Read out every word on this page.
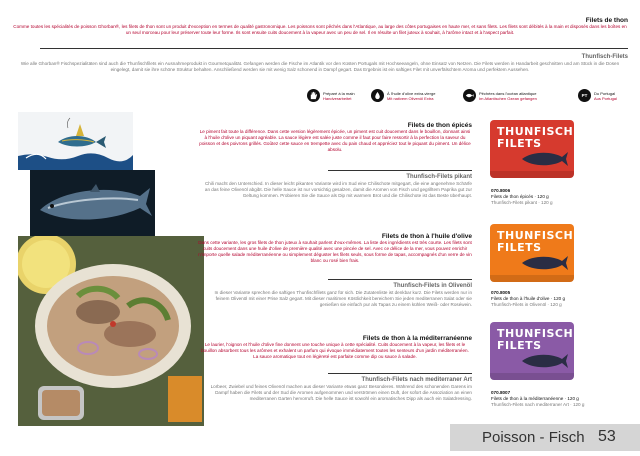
Filets de thon
Comme toutes les spécialités de poisson Ghorban®, les filets de thon sont un produit d'exception en termes de qualité gastronomique. Les poissons sont pêchés dans l'Atlantique, au large des côtes portugaises en haute mer, et sans filets. Les filets sont débités à la main et disposés dans les boîtes en un seul morceau pour leur préserver toute leur forme. Ils sont ensuite cuits doucement à la vapeur avec un peu de sel. Il en résulte un filet juteux à souhait, à l'arôme intact et à l'aspect parfait.
Thunfisch-Filets
Wie alle Ghorban® Fischspezialitäten sind auch die Thunfischfilets ein Ausnahmeprodukt in Gourmetqualität. Gefangen werden die Fische im Atlantik vor den Küsten Portugals mit Hochseeangeln, ohne Einsatz von Netzen. Die Filets werden in Handarbeit geschnitten und am Stück in die Dosen eingelegt, damit sie ihre schöne Struktur behalten. Anschließend werden sie mit wenig Salz schonend in Dampf gegart. Das Ergebnis ist ein saftiges Filet mit unverfälschtem Aroma und perfektem Aussehen.
Préparé à la main
Handverarbeitet
À l'huile d'olive extra-vierge
Mit nativem Olivenöl Extra
Pêchées dans l'océan atlantique
Im Atlantischen Ozean gefangen	PT	Du Portugal
Aus Portugal
Filets de thon épicés
Le piment fait toute la différence. Dans cette version légèrement épicée, un piment est cuit doucement dans le bouillon, donnant ainsi à l'huile d'olive un piquant agréable. La sauce légère est salée juste comme il faut pour faire ressortir à la perfection la saveur du poisson et des poivrons grillés. Goûtez cette sauce en trempette avec du pain chaud et appréciez tout le piquant du piment. Un délice absolu.
Thunfisch-Filets pikant
Chili macht den Unterschied. In dieser leicht pikanten Variante wird im Sud eine Chilischote mitgegart, die eine angenehme Schärfe an das feine Olivenöl abgibt. Die helle Sauce ist nur vorsichtig gesalzen, damit die Aromen von Fisch und gegrilltem Paprika gut zur Geltung kommen. Probieren Sie die Sauce als Dip mit warmem Brot und die Chilischote ist das Beste überhaupt.
THUNFISCH
FILETS
070.8006
Filets de thon épicés · 120 g
Thunfisch-Filets pikant · 120 g
Filets de thon à l'huile d'olive
Dans cette variante, les gros filets de thon juteux à souhait parlent d'eux-mêmes. La liste des ingrédients est très courte. Les filets sont cuits doucement dans une huile d'olive de première qualité avec une pincée de sel. Avec ce délice de la mer, vous pouvez enrichir n'importe quelle salade méditerranéenne ou simplement déguster les filets seuls, sous forme de tapas, accompagnés d'un verre de vin blanc ou rosé bien frais.
Thunfisch-Filets in Olivenöl
In dieser Variante sprechen die saftigen Thunfischfilets ganz für sich. Die Zutatenliste ist denkbar kurz. Die Filets werden nur in feinem Olivenöl mit einer Prise Salz gegart. Mit dieser maritimen Köstlichkeit bereichern Sie jeden mediterranen Salat oder sie genießen sie einfach pur als Tapas zu einem kühlen Weiß- oder Roséwein.
THUNFISCH
FILETS
070.8005
Filets de thon à l'huile d'olive · 120 g
Thunfisch-Filets in Olivenöl · 120 g
Filets de thon à la méditerranéenne
Le laurier, l'oignon et l'huile d'olive fine donnent une touche unique à cette spécialité. Cuits doucement à la vapeur, les filets et le bouillon absorbent tous les arômes et exhalent un parfum qui évoque immédiatement toutes les senteurs d'un jardin méditerranéen. La sauce aromatique tout en légèreté est parfaite comme dip ou sauce à salade.
Thunfisch-Filets nach mediterraner Art
Lorbeer, Zwiebel und feines Olivenöl machen aus dieser Variante etwas ganz Besonderes. Während des schonenden Garens im Dampf haben die Filets und der Sud die Aromen aufgenommen und verströmen einen Duft, der sofort die Assoziation an einen mediterranen Garten hervorruft. Die helle Sauce ist sowohl ein aromatisches Dipp als auch ein Salatdressing.
THUNFISCH
FILETS
070.8007
Filets de thon à la méditerranéenne · 120 g
Thunfisch-Filets nach mediterraner Art · 120 g
Poisson - Fisch 53
